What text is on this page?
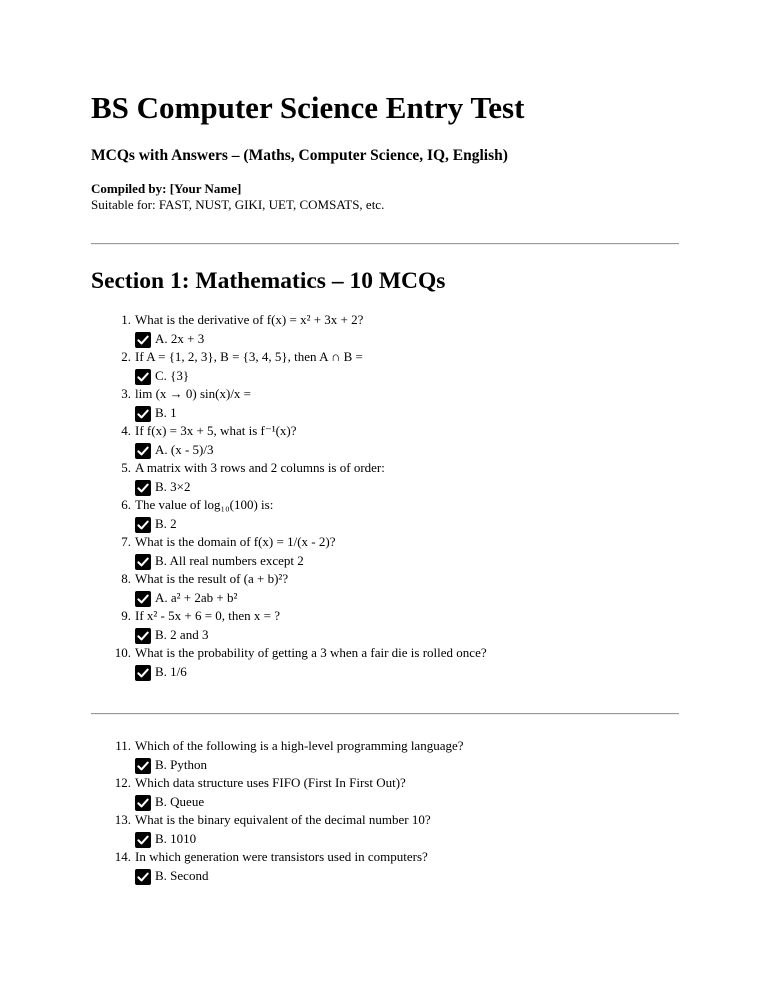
BS Computer Science Entry Test
MCQs with Answers – (Maths, Computer Science, IQ, English)
Compiled by: [Your Name]
Suitable for: FAST, NUST, GIKI, UET, COMSATS, etc.
Section 1: Mathematics – 10 MCQs
1. What is the derivative of f(x) = x² + 3x + 2?
A. 2x + 3
2. If A = {1, 2, 3}, B = {3, 4, 5}, then A ∩ B =
C. {3}
3. lim (x → 0) sin(x)/x =
B. 1
4. If f(x) = 3x + 5, what is f⁻¹(x)?
A. (x - 5)/3
5. A matrix with 3 rows and 2 columns is of order:
B. 3×2
6. The value of log₁₀(100) is:
B. 2
7. What is the domain of f(x) = 1/(x - 2)?
B. All real numbers except 2
8. What is the result of (a + b)²?
A. a² + 2ab + b²
9. If x² - 5x + 6 = 0, then x = ?
B. 2 and 3
10. What is the probability of getting a 3 when a fair die is rolled once?
B. 1/6
11. Which of the following is a high-level programming language?
B. Python
12. Which data structure uses FIFO (First In First Out)?
B. Queue
13. What is the binary equivalent of the decimal number 10?
B. 1010
14. In which generation were transistors used in computers?
B. Second
